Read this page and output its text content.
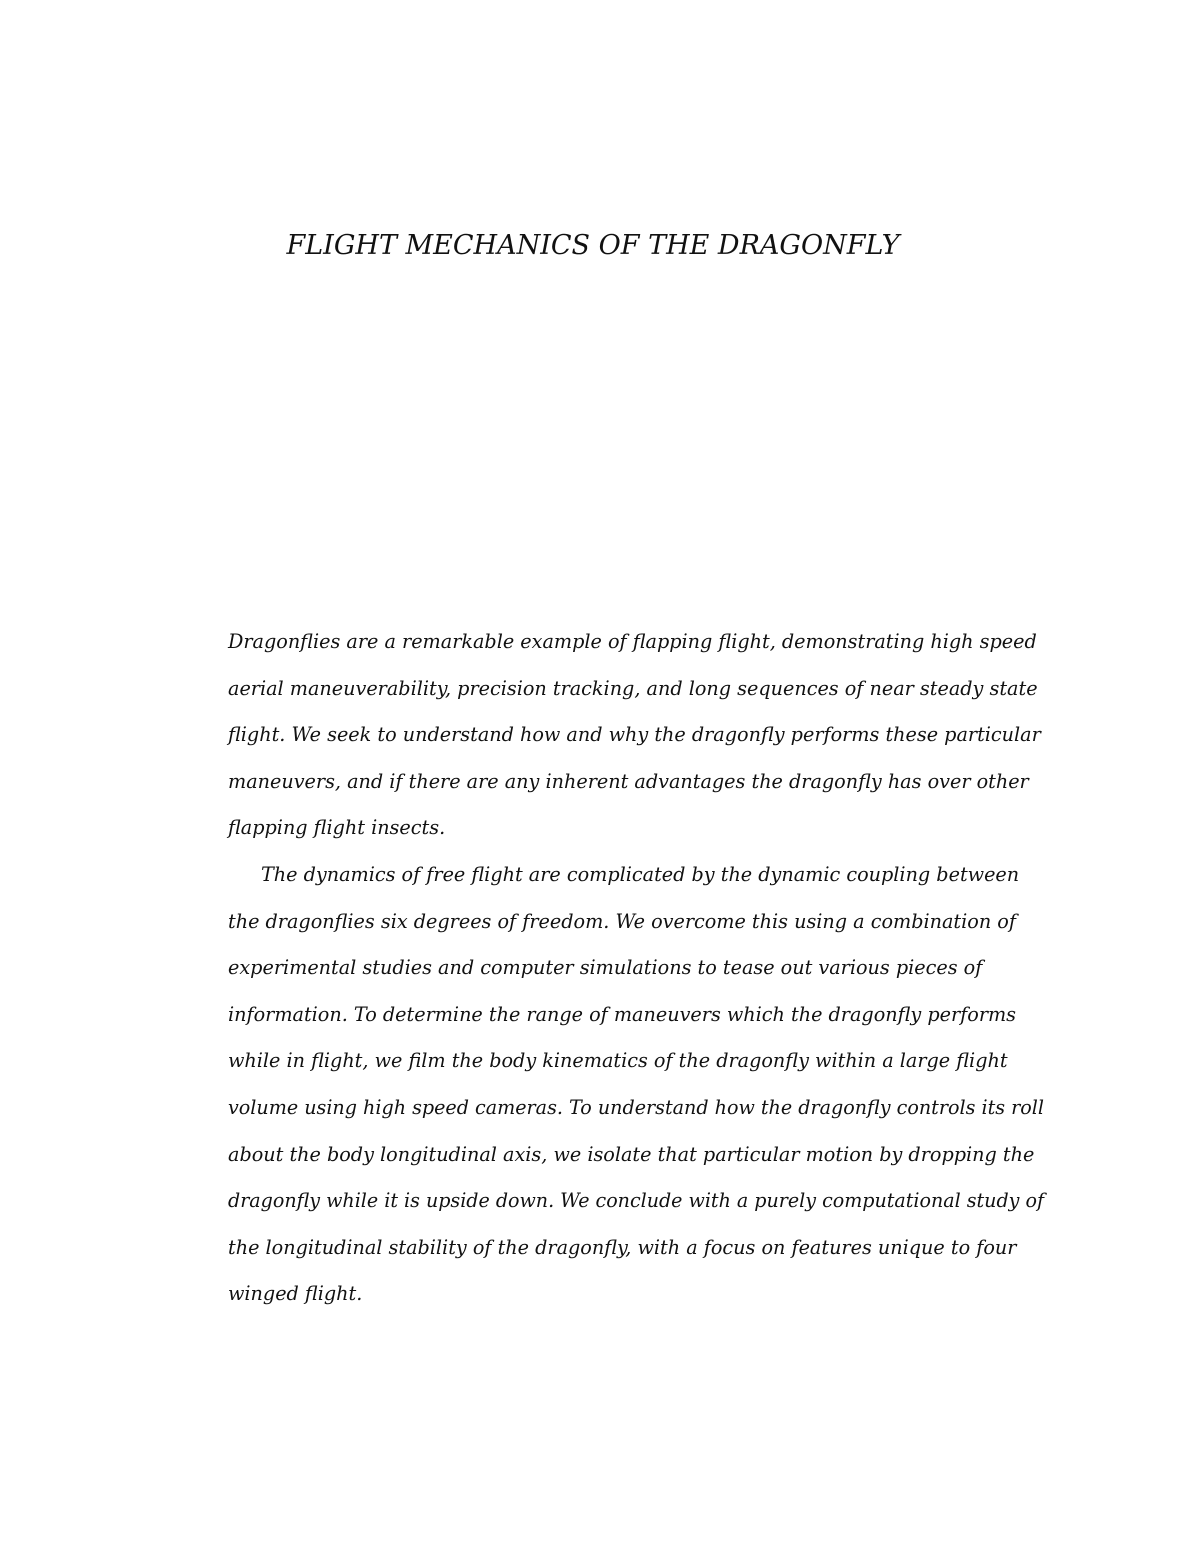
FLIGHT MECHANICS OF THE DRAGONFLY

Dragonflies are a remarkable example of flapping flight, demonstrating high speed
aerial maneuverability, precision tracking, and long sequences of near steady state
flight. We seek to understand how and why the dragonfly performs these particular
maneuvers, and if there are any inherent advantages the dragonfly has over other
flapping flight insects.

The dynamics of free flight are complicated by the dynamic coupling between
the dragonflies six degrees of freedom. We overcome this using a combination of
experimental studies and computer simulations to tease out various pieces of
information. To determine the range of maneuvers which the dragonfly performs
while in flight, we film the body kinematics of the dragonfly within a large flight
volume using high speed cameras. To understand how the dragonfly controls its roll
about the body longitudinal axis, we isolate that particular motion by dropping the
dragonfly while it is upside down. We conclude with a purely computational study of
the longitudinal stability of the dragonfly, with a focus on features unique to four
winged flight.
